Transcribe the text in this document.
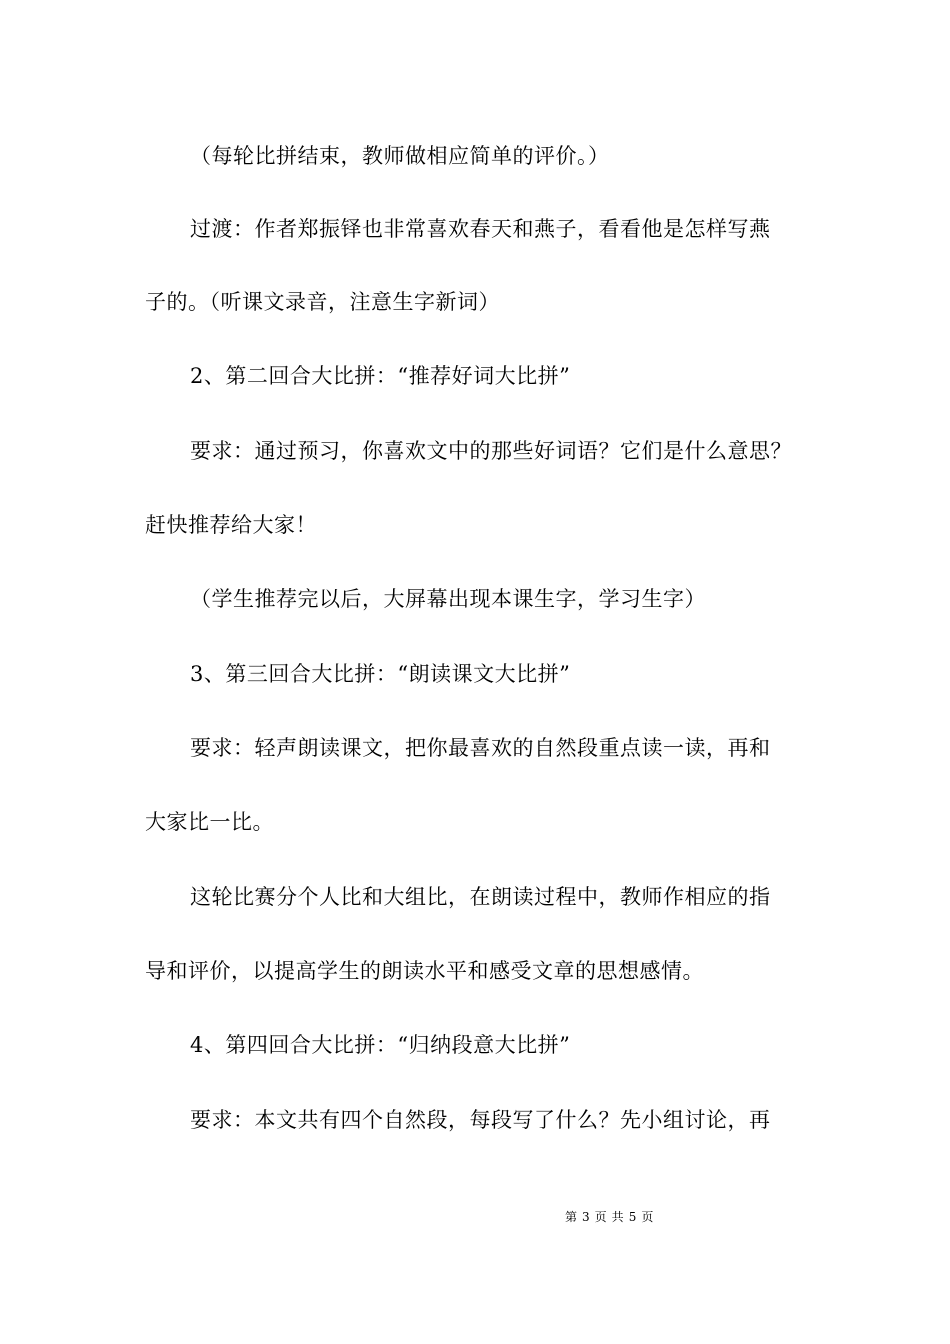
（每轮比拼结束，教师做相应简单的评价。）
过渡：作者郑振铎也非常喜欢春天和燕子，看看他是怎样写燕
子的。（听课文录音，注意生字新词）
2、第二回合大比拼：“推荐好词大比拼”
要求：通过预习，你喜欢文中的那些好词语？它们是什么意思？
赶快推荐给大家！
（学生推荐完以后，大屏幕出现本课生字，学习生字）
3、第三回合大比拼：“朗读课文大比拼”
要求：轻声朗读课文，把你最喜欢的自然段重点读一读，再和
大家比一比。
这轮比赛分个人比和大组比，在朗读过程中，教师作相应的指
导和评价，以提高学生的朗读水平和感受文章的思想感情。
4、第四回合大比拼：“归纳段意大比拼”
要求：本文共有四个自然段，每段写了什么？先小组讨论，再
第 3 页 共 5 页
